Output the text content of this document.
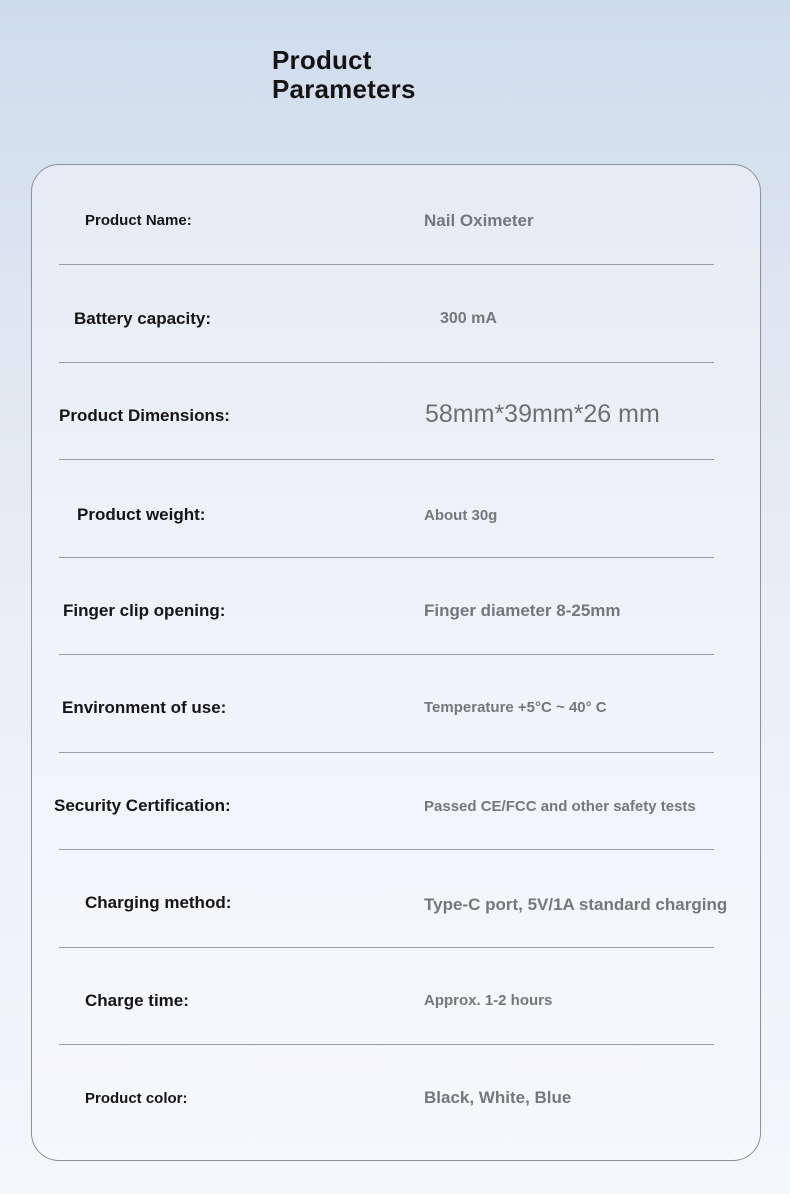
Product
Parameters
Product Name:	Nail Oximeter
Battery capacity:	300 mA
Product Dimensions:	58mm*39mm*26 mm
Product weight:	About 30g
Finger clip opening:	Finger diameter 8-25mm
Environment of use:	Temperature +5°C ~ 40° C
Security Certification:	Passed CE/FCC and other safety tests
Charging method:	Type-C port, 5V/1A standard charging
Charge time:	Approx. 1-2 hours
Product color:	Black, White, Blue
